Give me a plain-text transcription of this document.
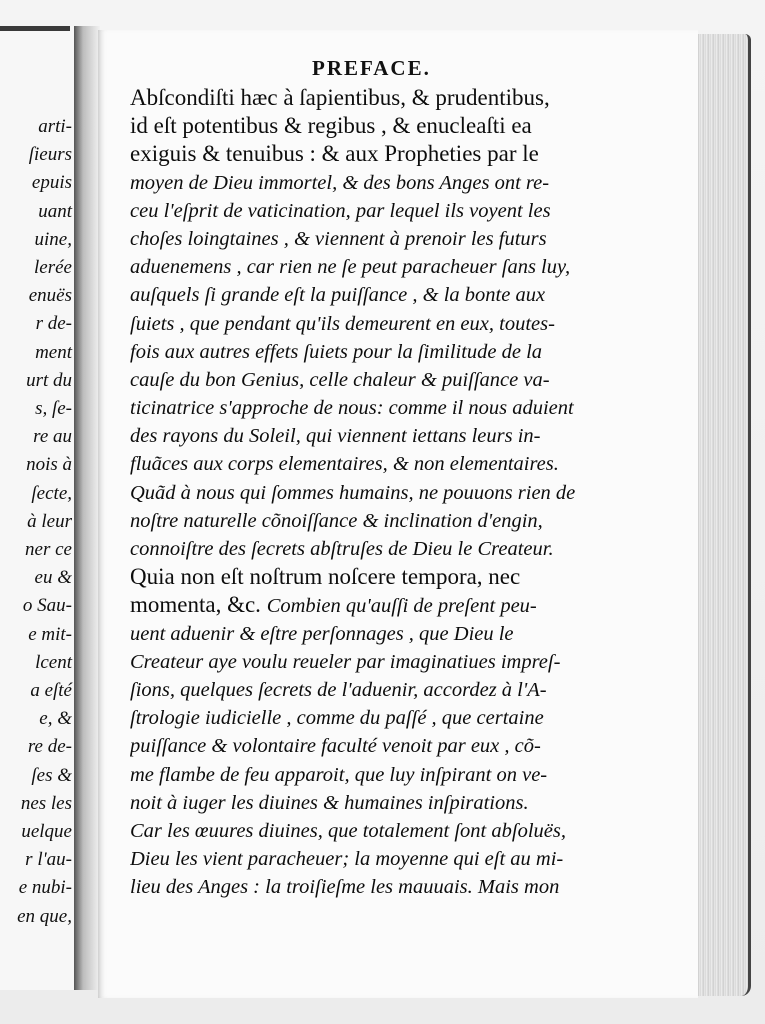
arti-
ſieurs
epuis
uant
uine,
lerée
enuës
r de-
ment
urt du
s, ſe-
re au
nois à
ſecte,
à leur
ner ce
eu &
o Sau-
e mit-
lcent
a eſté
e, &
re de-
ſes &
nes les
uelque
r l'au-
e nubi-
en que,
PREFACE.
Abſcondiſti hæc à ſapientibus, & prudentibus,
id eſt potentibus & regibus , & enucleaſti ea
exiguis & tenuibus : & aux Propheties par le
moyen de Dieu immortel, & des bons Anges ont re-
ceu l'eſprit de vaticination, par lequel ils voyent les
choſes loingtaines , & viennent à prenoir les futurs
aduenemens , car rien ne ſe peut paracheuer ſans luy,
auſquels ſi grande eſt la puiſſance , & la bonte aux
ſuiets , que pendant qu'ils demeurent en eux, toutes-
fois aux autres effets ſuiets pour la ſimilitude de la
cauſe du bon Genius, celle chaleur & puiſſance va-
ticinatrice s'approche de nous: comme il nous aduient
des rayons du Soleil, qui viennent iettans leurs in-
fluãces aux corps elementaires, & non elementaires.
Quãd à nous qui ſommes humains, ne pouuons rien de
noſtre naturelle cõnoiſſance & inclination d'engin,
connoiſtre des ſecrets abſtruſes de Dieu le Createur.
Quia non eſt noſtrum noſcere tempora, nec
momenta, &c. Combien qu'auſſi de preſent peu-
uent aduenir & eſtre perſonnages , que Dieu le
Createur aye voulu reueler par imaginatiues impreſ-
ſions, quelques ſecrets de l'aduenir, accordez à l'A-
ſtrologie iudicielle , comme du paſſé , que certaine
puiſſance & volontaire faculté venoit par eux , cõ-
me flambe de feu apparoit, que luy inſpirant on ve-
noit à iuger les diuines & humaines inſpirations.
Car les œuures diuines, que totalement ſont abſoluës,
Dieu les vient paracheuer; la moyenne qui eſt au mi-
lieu des Anges : la troiſieſme les mauuais. Mais mon
